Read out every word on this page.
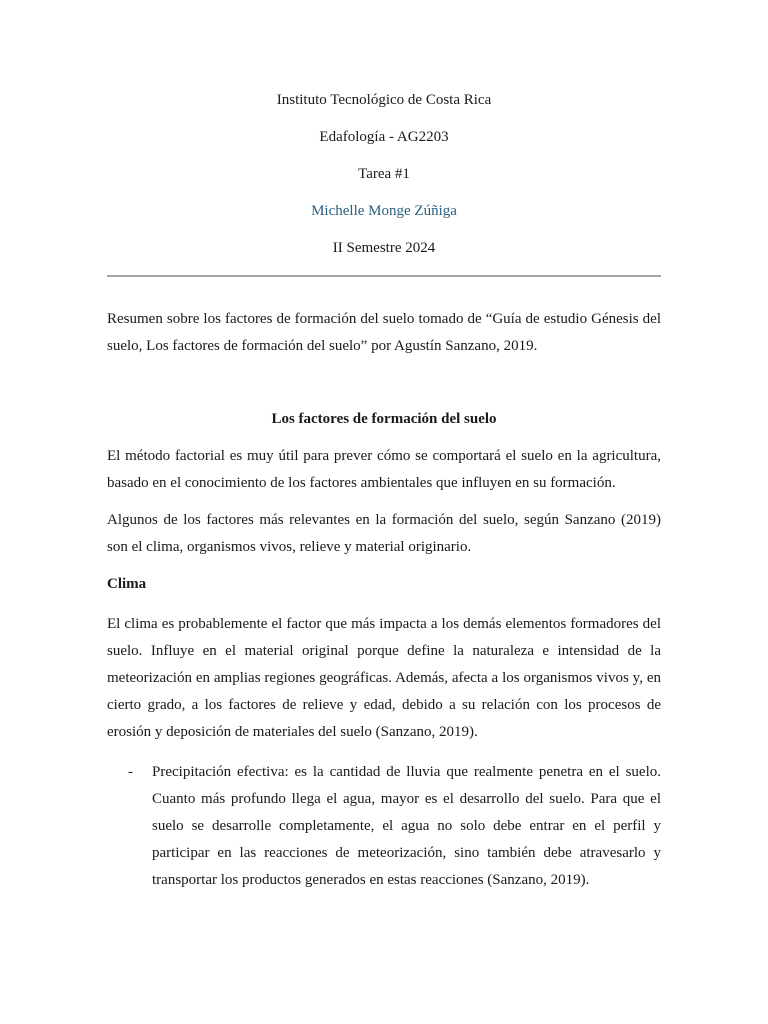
Instituto Tecnológico de Costa Rica

Edafología - AG2203

Tarea #1

Michelle Monge Zúñiga

II Semestre 2024

Resumen sobre los factores de formación del suelo tomado de “Guía de estudio Génesis del suelo, Los factores de formación del suelo” por Agustín Sanzano, 2019.

Los factores de formación del suelo

El método factorial es muy útil para prever cómo se comportará el suelo en la agricultura, basado en el conocimiento de los factores ambientales que influyen en su formación.

Algunos de los factores más relevantes en la formación del suelo, según Sanzano (2019) son el clima, organismos vivos, relieve y material originario.

Clima

El clima es probablemente el factor que más impacta a los demás elementos formadores del suelo. Influye en el material original porque define la naturaleza e intensidad de la meteorización en amplias regiones geográficas. Además, afecta a los organismos vivos y, en cierto grado, a los factores de relieve y edad, debido a su relación con los procesos de erosión y deposición de materiales del suelo (Sanzano, 2019).

- Precipitación efectiva: es la cantidad de lluvia que realmente penetra en el suelo. Cuanto más profundo llega el agua, mayor es el desarrollo del suelo. Para que el suelo se desarrolle completamente, el agua no solo debe entrar en el perfil y participar en las reacciones de meteorización, sino también debe atravesarlo y transportar los productos generados en estas reacciones (Sanzano, 2019).
